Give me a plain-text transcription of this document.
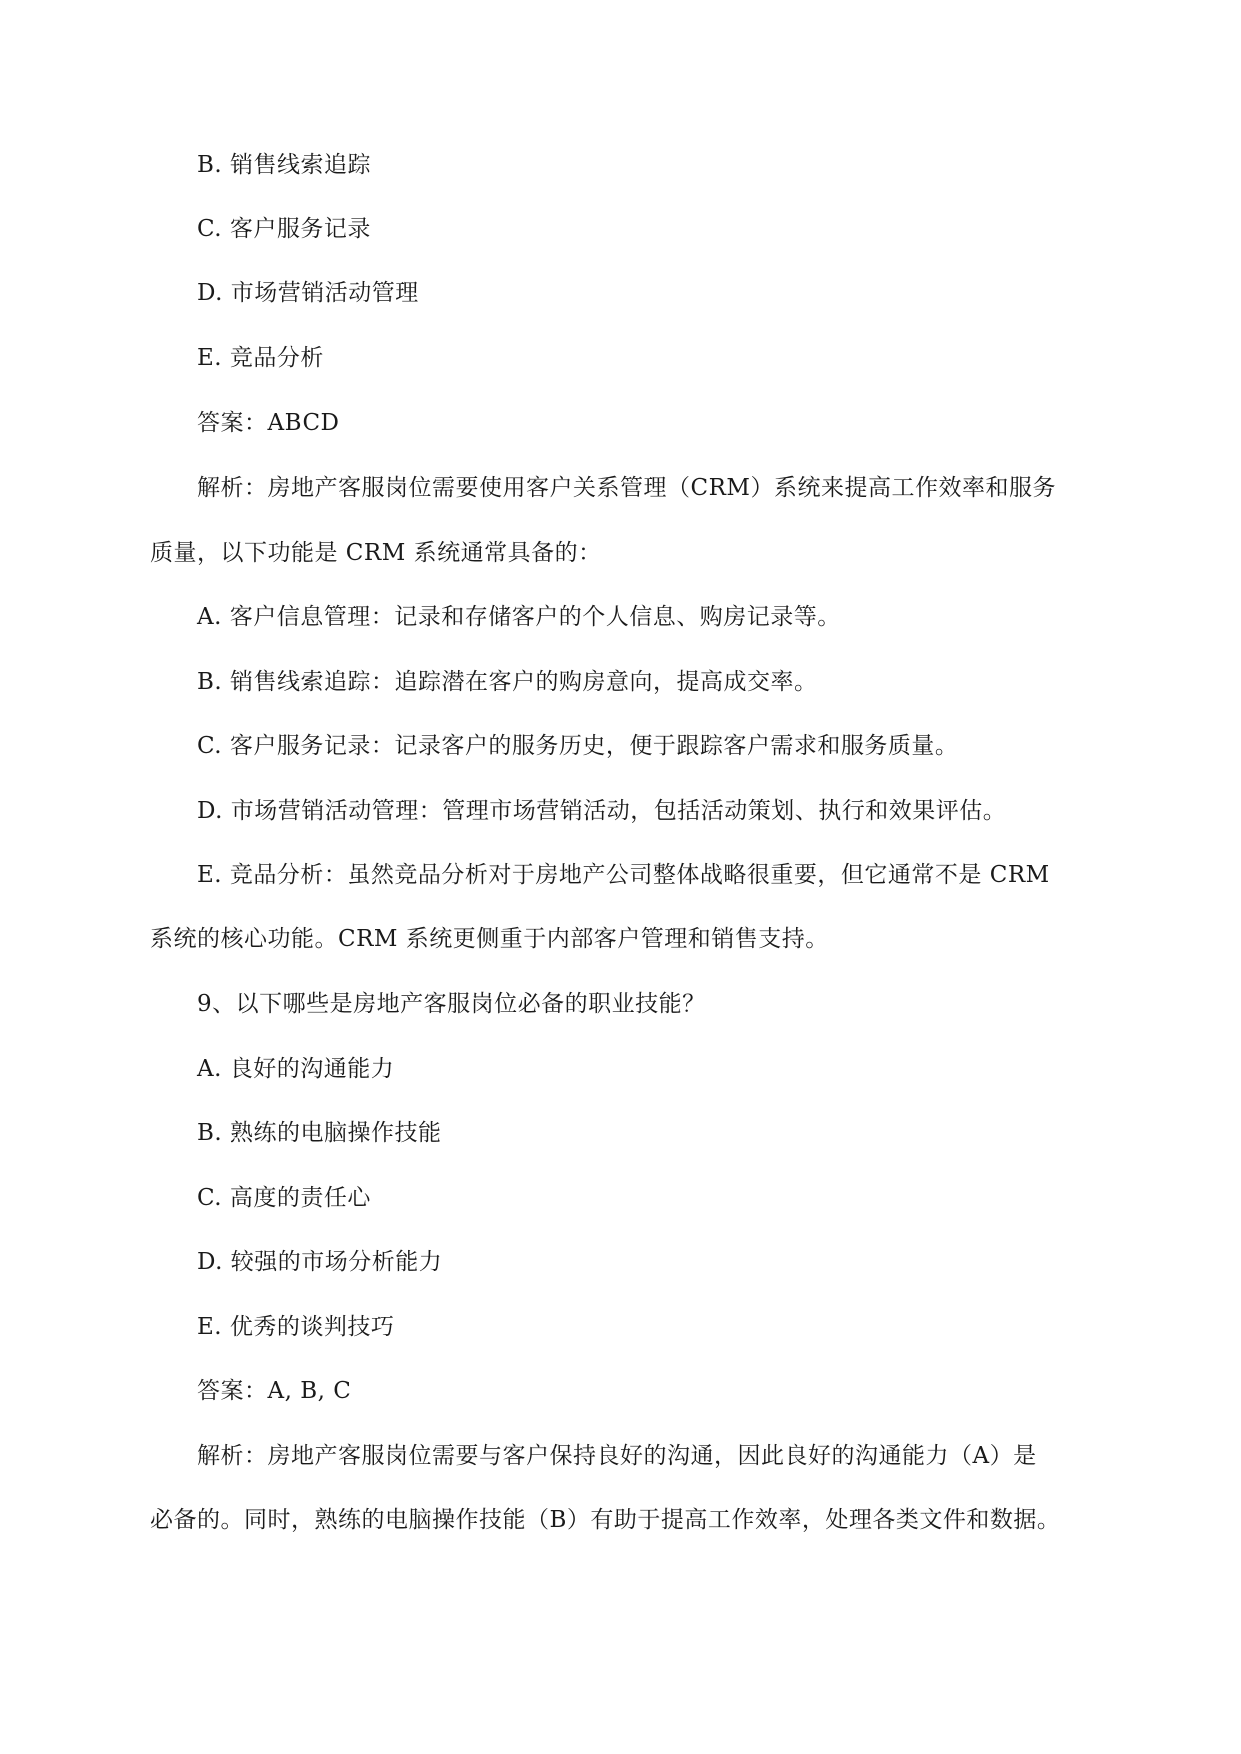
B. 销售线索追踪
C. 客户服务记录
D. 市场营销活动管理
E. 竞品分析
答案：ABCD
解析：房地产客服岗位需要使用客户关系管理（CRM）系统来提高工作效率和服务
质量，以下功能是 CRM 系统通常具备的：
A. 客户信息管理：记录和存储客户的个人信息、购房记录等。
B. 销售线索追踪：追踪潜在客户的购房意向，提高成交率。
C. 客户服务记录：记录客户的服务历史，便于跟踪客户需求和服务质量。
D. 市场营销活动管理：管理市场营销活动，包括活动策划、执行和效果评估。
E. 竞品分析：虽然竞品分析对于房地产公司整体战略很重要，但它通常不是 CRM
系统的核心功能。CRM 系统更侧重于内部客户管理和销售支持。
9、以下哪些是房地产客服岗位必备的职业技能？
A. 良好的沟通能力
B. 熟练的电脑操作技能
C. 高度的责任心
D. 较强的市场分析能力
E. 优秀的谈判技巧
答案：A, B, C
解析：房地产客服岗位需要与客户保持良好的沟通，因此良好的沟通能力（A）是
必备的。同时，熟练的电脑操作技能（B）有助于提高工作效率，处理各类文件和数据。
